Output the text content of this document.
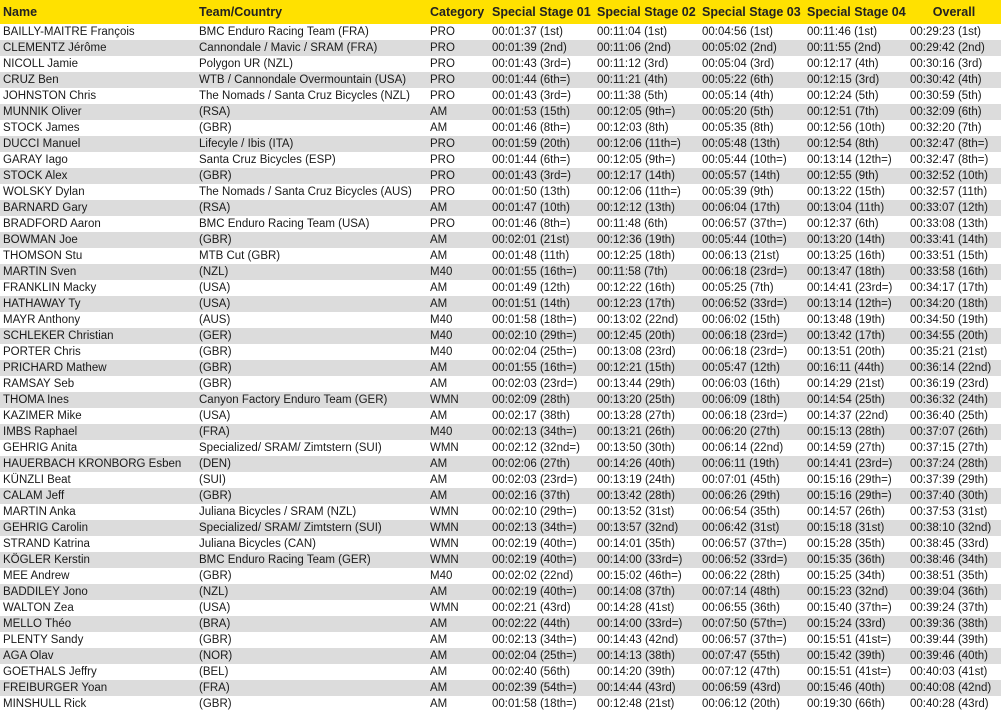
Name	Team/Country	Category	Special Stage 01	Special Stage 02	Special Stage 03	Special Stage 04	Overall
BAILLY-MAITRE François	BMC Enduro Racing Team (FRA)	PRO	00:01:37 (1st)	00:11:04 (1st)	00:04:56 (1st)	00:11:46 (1st)	00:29:23 (1st)
CLEMENTZ Jérôme	Cannondale / Mavic / SRAM (FRA)	PRO	00:01:39 (2nd)	00:11:06 (2nd)	00:05:02 (2nd)	00:11:55 (2nd)	00:29:42 (2nd)
NICOLL Jamie	Polygon UR (NZL)	PRO	00:01:43 (3rd=)	00:11:12 (3rd)	00:05:04 (3rd)	00:12:17 (4th)	00:30:16 (3rd)
CRUZ Ben	WTB / Cannondale Overmountain (USA)	PRO	00:01:44 (6th=)	00:11:21 (4th)	00:05:22 (6th)	00:12:15 (3rd)	00:30:42 (4th)
JOHNSTON Chris	The Nomads / Santa Cruz Bicycles (NZL)	PRO	00:01:43 (3rd=)	00:11:38 (5th)	00:05:14 (4th)	00:12:24 (5th)	00:30:59 (5th)
MUNNIK Oliver	(RSA)	AM	00:01:53 (15th)	00:12:05 (9th=)	00:05:20 (5th)	00:12:51 (7th)	00:32:09 (6th)
STOCK James	(GBR)	AM	00:01:46 (8th=)	00:12:03 (8th)	00:05:35 (8th)	00:12:56 (10th)	00:32:20 (7th)
DUCCI Manuel	Lifecyle / Ibis (ITA)	PRO	00:01:59 (20th)	00:12:06 (11th=)	00:05:48 (13th)	00:12:54 (8th)	00:32:47 (8th=)
GARAY Iago	Santa Cruz Bicycles (ESP)	PRO	00:01:44 (6th=)	00:12:05 (9th=)	00:05:44 (10th=)	00:13:14 (12th=)	00:32:47 (8th=)
STOCK Alex	(GBR)	PRO	00:01:43 (3rd=)	00:12:17 (14th)	00:05:57 (14th)	00:12:55 (9th)	00:32:52 (10th)
WOLSKY Dylan	The Nomads / Santa Cruz Bicycles (AUS)	PRO	00:01:50 (13th)	00:12:06 (11th=)	00:05:39 (9th)	00:13:22 (15th)	00:32:57 (11th)
BARNARD Gary	(RSA)	AM	00:01:47 (10th)	00:12:12 (13th)	00:06:04 (17th)	00:13:04 (11th)	00:33:07 (12th)
BRADFORD Aaron	BMC Enduro Racing Team (USA)	PRO	00:01:46 (8th=)	00:11:48 (6th)	00:06:57 (37th=)	00:12:37 (6th)	00:33:08 (13th)
BOWMAN Joe	(GBR)	AM	00:02:01 (21st)	00:12:36 (19th)	00:05:44 (10th=)	00:13:20 (14th)	00:33:41 (14th)
THOMSON Stu	MTB Cut (GBR)	AM	00:01:48 (11th)	00:12:25 (18th)	00:06:13 (21st)	00:13:25 (16th)	00:33:51 (15th)
MARTIN Sven	(NZL)	M40	00:01:55 (16th=)	00:11:58 (7th)	00:06:18 (23rd=)	00:13:47 (18th)	00:33:58 (16th)
FRANKLIN Macky	(USA)	AM	00:01:49 (12th)	00:12:22 (16th)	00:05:25 (7th)	00:14:41 (23rd=)	00:34:17 (17th)
HATHAWAY Ty	(USA)	AM	00:01:51 (14th)	00:12:23 (17th)	00:06:52 (33rd=)	00:13:14 (12th=)	00:34:20 (18th)
MAYR Anthony	(AUS)	M40	00:01:58 (18th=)	00:13:02 (22nd)	00:06:02 (15th)	00:13:48 (19th)	00:34:50 (19th)
SCHLEKER Christian	(GER)	M40	00:02:10 (29th=)	00:12:45 (20th)	00:06:18 (23rd=)	00:13:42 (17th)	00:34:55 (20th)
PORTER Chris	(GBR)	M40	00:02:04 (25th=)	00:13:08 (23rd)	00:06:18 (23rd=)	00:13:51 (20th)	00:35:21 (21st)
PRICHARD Mathew	(GBR)	AM	00:01:55 (16th=)	00:12:21 (15th)	00:05:47 (12th)	00:16:11 (44th)	00:36:14 (22nd)
RAMSAY Seb	(GBR)	AM	00:02:03 (23rd=)	00:13:44 (29th)	00:06:03 (16th)	00:14:29 (21st)	00:36:19 (23rd)
THOMA Ines	Canyon Factory Enduro Team (GER)	WMN	00:02:09 (28th)	00:13:20 (25th)	00:06:09 (18th)	00:14:54 (25th)	00:36:32 (24th)
KAZIMER Mike	(USA)	AM	00:02:17 (38th)	00:13:28 (27th)	00:06:18 (23rd=)	00:14:37 (22nd)	00:36:40 (25th)
IMBS Raphael	(FRA)	M40	00:02:13 (34th=)	00:13:21 (26th)	00:06:20 (27th)	00:15:13 (28th)	00:37:07 (26th)
GEHRIG Anita	Specialized/ SRAM/ Zimtstern (SUI)	WMN	00:02:12 (32nd=)	00:13:50 (30th)	00:06:14 (22nd)	00:14:59 (27th)	00:37:15 (27th)
HAUERBACH KRONBORG Esben	(DEN)	AM	00:02:06 (27th)	00:14:26 (40th)	00:06:11 (19th)	00:14:41 (23rd=)	00:37:24 (28th)
KÜNZLI Beat	(SUI)	AM	00:02:03 (23rd=)	00:13:19 (24th)	00:07:01 (45th)	00:15:16 (29th=)	00:37:39 (29th)
CALAM Jeff	(GBR)	AM	00:02:16 (37th)	00:13:42 (28th)	00:06:26 (29th)	00:15:16 (29th=)	00:37:40 (30th)
MARTIN Anka	Juliana Bicycles / SRAM (NZL)	WMN	00:02:10 (29th=)	00:13:52 (31st)	00:06:54 (35th)	00:14:57 (26th)	00:37:53 (31st)
GEHRIG Carolin	Specialized/ SRAM/ Zimtstern (SUI)	WMN	00:02:13 (34th=)	00:13:57 (32nd)	00:06:42 (31st)	00:15:18 (31st)	00:38:10 (32nd)
STRAND Katrina	Juliana Bicycles (CAN)	WMN	00:02:19 (40th=)	00:14:01 (35th)	00:06:57 (37th=)	00:15:28 (35th)	00:38:45 (33rd)
KÖGLER Kerstin	BMC Enduro Racing Team (GER)	WMN	00:02:19 (40th=)	00:14:00 (33rd=)	00:06:52 (33rd=)	00:15:35 (36th)	00:38:46 (34th)
MEE Andrew	(GBR)	M40	00:02:02 (22nd)	00:15:02 (46th=)	00:06:22 (28th)	00:15:25 (34th)	00:38:51 (35th)
BADDILEY Jono	(NZL)	AM	00:02:19 (40th=)	00:14:08 (37th)	00:07:14 (48th)	00:15:23 (32nd)	00:39:04 (36th)
WALTON Zea	(USA)	WMN	00:02:21 (43rd)	00:14:28 (41st)	00:06:55 (36th)	00:15:40 (37th=)	00:39:24 (37th)
MELLO Théo	(BRA)	AM	00:02:22 (44th)	00:14:00 (33rd=)	00:07:50 (57th=)	00:15:24 (33rd)	00:39:36 (38th)
PLENTY Sandy	(GBR)	AM	00:02:13 (34th=)	00:14:43 (42nd)	00:06:57 (37th=)	00:15:51 (41st=)	00:39:44 (39th)
AGA Olav	(NOR)	AM	00:02:04 (25th=)	00:14:13 (38th)	00:07:47 (55th)	00:15:42 (39th)	00:39:46 (40th)
GOETHALS Jeffry	(BEL)	AM	00:02:40 (56th)	00:14:20 (39th)	00:07:12 (47th)	00:15:51 (41st=)	00:40:03 (41st)
FREIBURGER Yoan	(FRA)	AM	00:02:39 (54th=)	00:14:44 (43rd)	00:06:59 (43rd)	00:15:46 (40th)	00:40:08 (42nd)
MINSHULL Rick	(GBR)	AM	00:01:58 (18th=)	00:12:48 (21st)	00:06:12 (20th)	00:19:30 (66th)	00:40:28 (43rd)
